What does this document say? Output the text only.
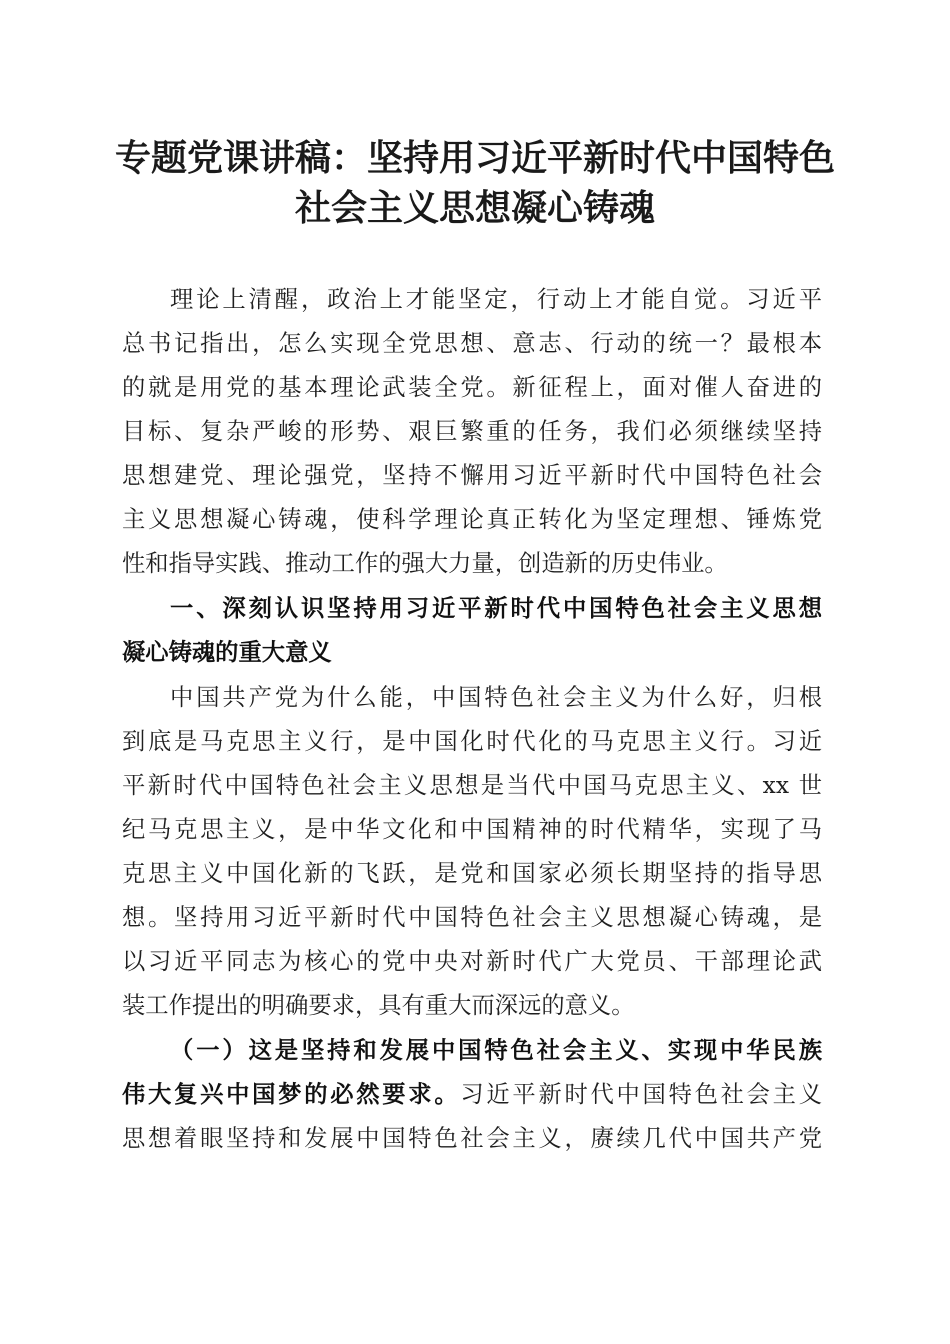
专题党课讲稿：坚持用习近平新时代中国特色
社会主义思想凝心铸魂
理论上清醒，政治上才能坚定，行动上才能自觉。习近平
总书记指出，怎么实现全党思想、意志、行动的统一？最根本
的就是用党的基本理论武装全党。新征程上，面对催人奋进的
目标、复杂严峻的形势、艰巨繁重的任务，我们必须继续坚持
思想建党、理论强党，坚持不懈用习近平新时代中国特色社会
主义思想凝心铸魂，使科学理论真正转化为坚定理想、锤炼党
性和指导实践、推动工作的强大力量，创造新的历史伟业。
一、深刻认识坚持用习近平新时代中国特色社会主义思想
凝心铸魂的重大意义
中国共产党为什么能，中国特色社会主义为什么好，归根
到底是马克思主义行，是中国化时代化的马克思主义行。习近
平新时代中国特色社会主义思想是当代中国马克思主义、xx 世
纪马克思主义，是中华文化和中国精神的时代精华，实现了马
克思主义中国化新的飞跃，是党和国家必须长期坚持的指导思
想。坚持用习近平新时代中国特色社会主义思想凝心铸魂，是
以习近平同志为核心的党中央对新时代广大党员、干部理论武
装工作提出的明确要求，具有重大而深远的意义。
（一）这是坚持和发展中国特色社会主义、实现中华民族
伟大复兴中国梦的必然要求。习近平新时代中国特色社会主义
思想着眼坚持和发展中国特色社会主义，赓续几代中国共产党
